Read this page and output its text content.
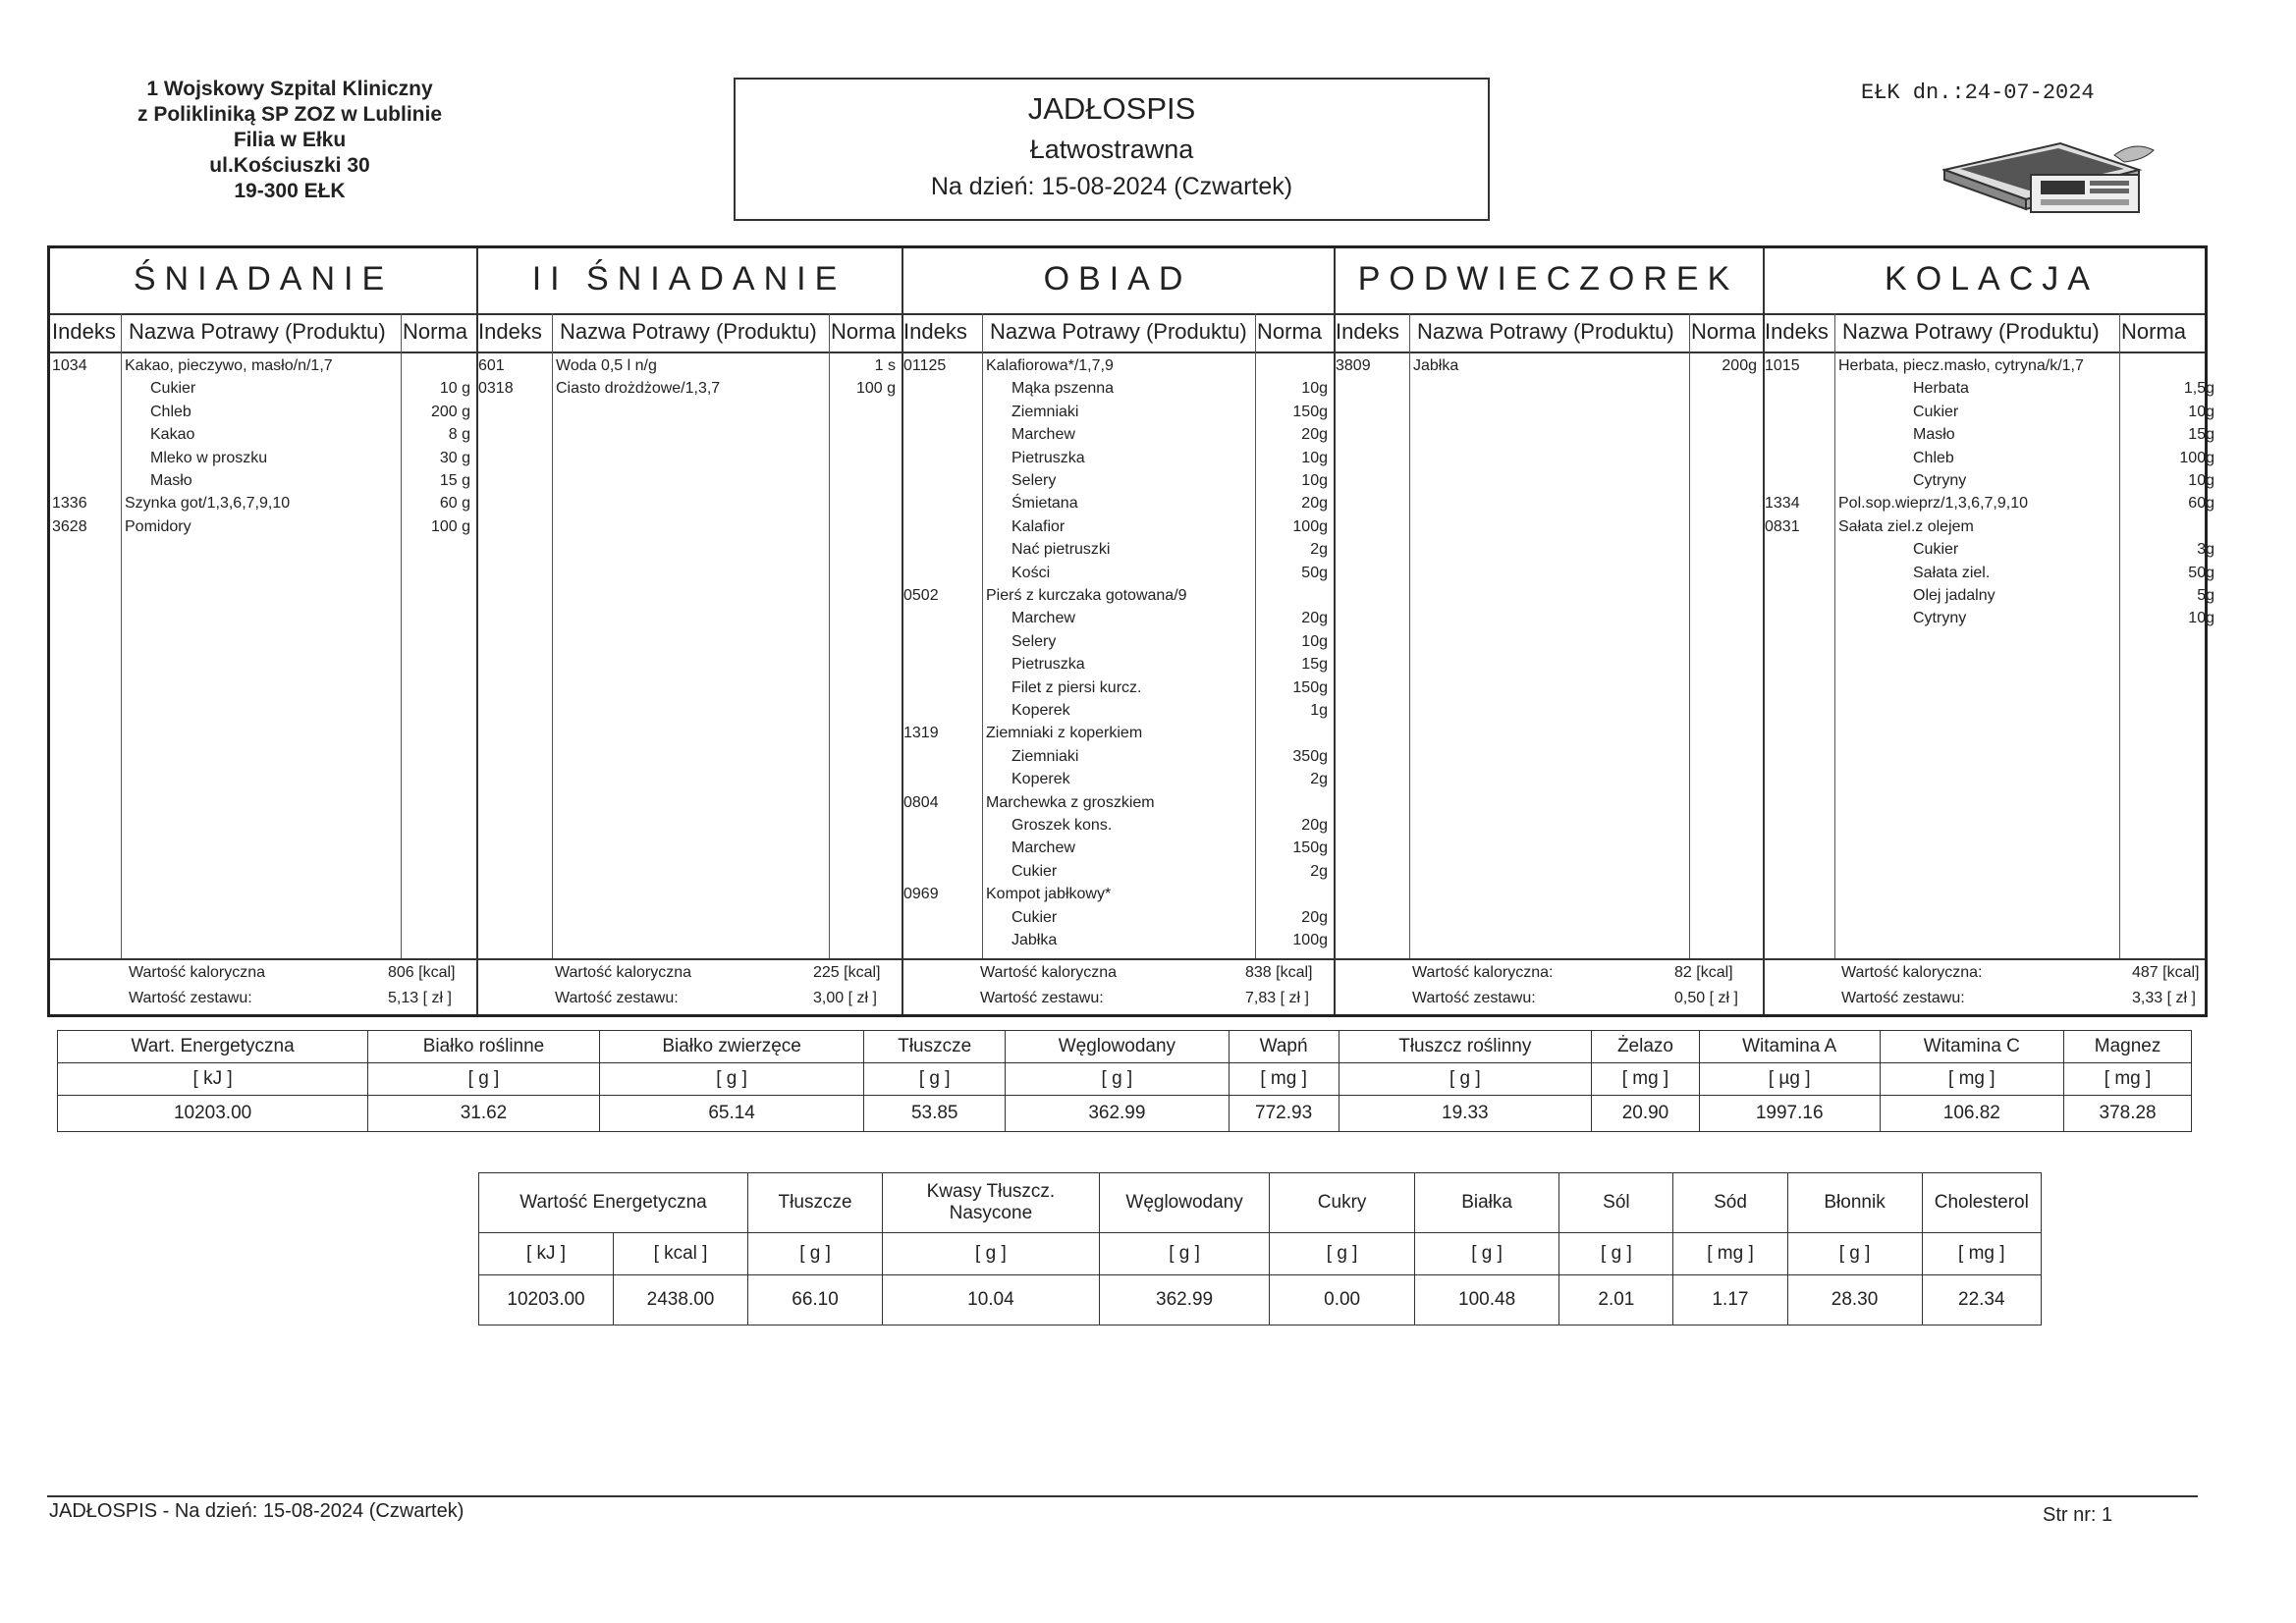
1 Wojskowy Szpital Kliniczny
z Polikliniką SP ZOZ w Lublinie
Filia w Ełku
ul.Kościuszki 30
19-300 EŁK
JADŁOSPIS
Łatwostrawna
Na dzień: 15-08-2024 (Czwartek)
EŁK dn.:24-07-2024
ŚNIADANIE
Indeks Nazwa Potrawy (Produktu) Norma
1034 Kakao, pieczywo, masło/n/1,7
Cukier	10 g
Chleb	200 g
Kakao	8 g
Mleko w proszku	30 g
Masło	15 g
1336 Szynka got/1,3,6,7,9,10	60 g
3628 Pomidory	100 g
Wartość kaloryczna	806 [kcal]
Wartość zestawu:	5,13 [ zł ]
II ŚNIADANIE
Indeks Nazwa Potrawy (Produktu) Norma
601	Woda 0,5 l n/g	1 s
0318	Ciasto drożdżowe/1,3,7	100 g
Wartość kaloryczna	225 [kcal]
Wartość zestawu:	3,00 [ zł ]
OBIAD
Indeks Nazwa Potrawy (Produktu) Norma
01125	Kalafiorowa*/1,7,9
Mąka pszenna	10g
Ziemniaki	150g
Marchew	20g
Pietruszka	10g
Selery	10g
Śmietana	20g
Kalafior	100g
Nać pietruszki	2g
Kości	50g
0502	Pierś z kurczaka gotowana/9
Marchew	20g
Selery	10g
Pietruszka	15g
Filet z piersi kurcz.	150g
Koperek	1g
1319	Ziemniaki z koperkiem
Ziemniaki	350g
Koperek	2g
0804	Marchewka z groszkiem
Groszek kons.	20g
Marchew	150g
Cukier	2g
0969	Kompot jabłkowy*
Cukier	20g
Jabłka	100g
Wartość kaloryczna	838 [kcal]
Wartość zestawu:	7,83 [ zł ]
PODWIECZOREK
Indeks Nazwa Potrawy (Produktu) Norma
3809	Jabłka	200g
Wartość kaloryczna:	82 [kcal]
Wartość zestawu:	0,50 [ zł ]
KOLACJA
Indeks Nazwa Potrawy (Produktu) Norma
1015 Herbata, piecz.masło, cytryna/k/1,7
Herbata	1,5g
Cukier	10g
Masło	15g
Chleb	100g
Cytryny	10g
1334 Pol.sop.wieprz/1,3,6,7,9,10	60g
0831 Sałata ziel.z olejem
Cukier	3g
Sałata ziel.	50g
Olej jadalny	5g
Cytryny	10g
Wartość kaloryczna:	487 [kcal]
Wartość zestawu:	3,33 [ zł ]
Wart. Energetyczna	Białko roślinne	Białko zwierzęce	Tłuszcze	Węglowodany	Wapń	Tłuszcz roślinny	Żelazo	Witamina A	Witamina C	Magnez
[ kJ ]	[ g ]	[ g ]	[ g ]	[ g ]	[ mg ]	[ g ]	[ mg ]	[ µg ]	[ mg ]	[ mg ]
10203.00	31.62	65.14	53.85	362.99	772.93	19.33	20.90	1997.16	106.82	378.28
Wartość Energetyczna		Tłuszcze	Kwasy Tłuszcz. Nasycone	Węglowodany	Cukry	Białka	Sól	Sód	Błonnik	Cholesterol
[ kJ ]	[ kcal ]	[ g ]	[ g ]	[ g ]	[ g ]	[ g ]	[ g ]	[ mg ]	[ g ]	[ mg ]
10203.00	2438.00	66.10	10.04	362.99	0.00	100.48	2.01	1.17	28.30	22.34
JADŁOSPIS - Na dzień: 15-08-2024 (Czwartek)	Str nr: 1
